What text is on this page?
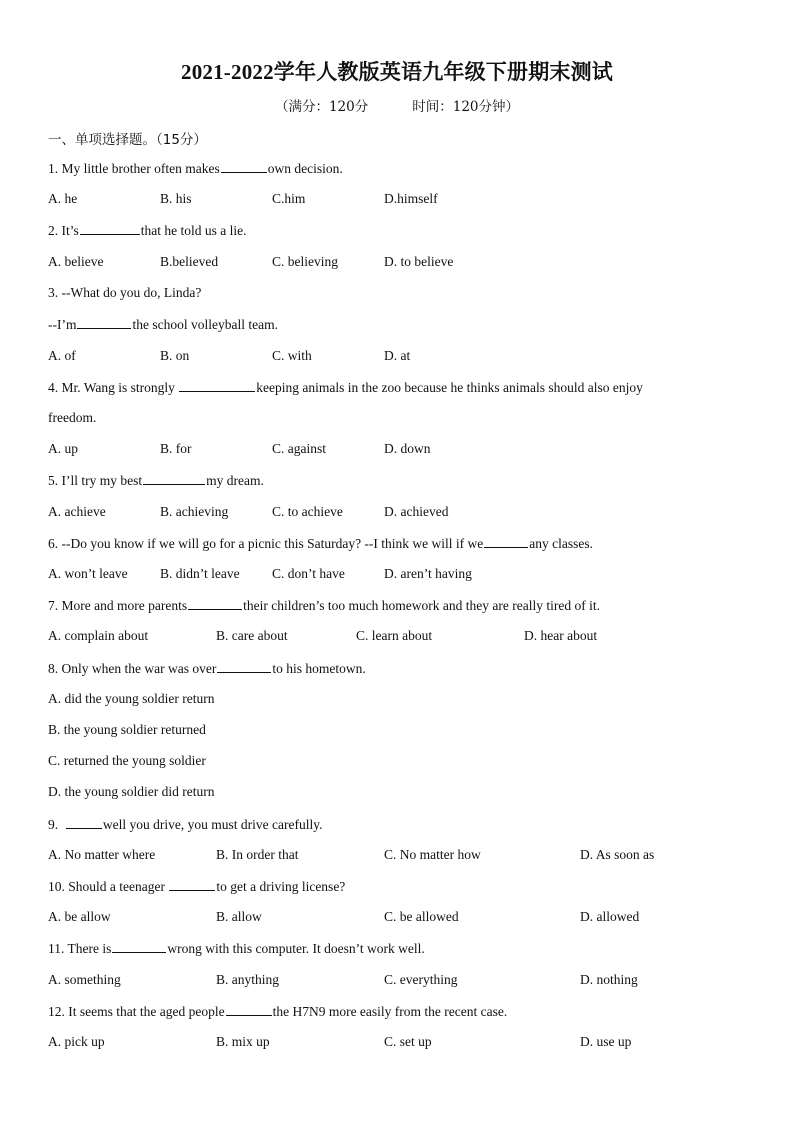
2021-2022学年人教版英语九年级下册期末测试
（满分：120分	时间：120分钟）
一、单项选择题。（15分）
1. My little brother often makes	own decision.
A. he	B. his	C.him	D.himself
2. It’s	that he told us a lie.
A. believe	B.believed	C. believing	D. to believe
3. --What do you do, Linda?
--I’m	the school volleyball team.
A. of	B. on	C. with	D. at
4. Mr. Wang is strongly	keeping animals in the zoo because he thinks animals should also enjoy
freedom.
A. up	B. for	C. against	D. down
5. I’ll try my best	my dream.
A. achieve	B. achieving	C. to achieve	D. achieved
6. --Do you know if we will go for a picnic this Saturday? --I think we will if we	any classes.
A. won’t leave B. didn’t leave C. don’t have	D. aren’t having
7. More and more parents	their children’s too much homework and they are really tired of it.
A. complain about	B. care about	C. learn about	D. hear about
8. Only when the war was over	to his hometown.
A. did the young soldier return
B. the young soldier returned
C. returned the young soldier
D. the young soldier did return
9.	well you drive, you must drive carefully.
A. No matter where	B. In order that	C. No matter how	D. As soon as
10. Should a teenager	to get a driving license?
A. be allow	B. allow	C. be allowed	D. allowed
11. There is	wrong with this computer. It doesn’t work well.
A. something	B. anything	C. everything	D. nothing
12. It seems that the aged people	the H7N9 more easily from the recent case.
A. pick up	B. mix up	C. set up	D. use up
